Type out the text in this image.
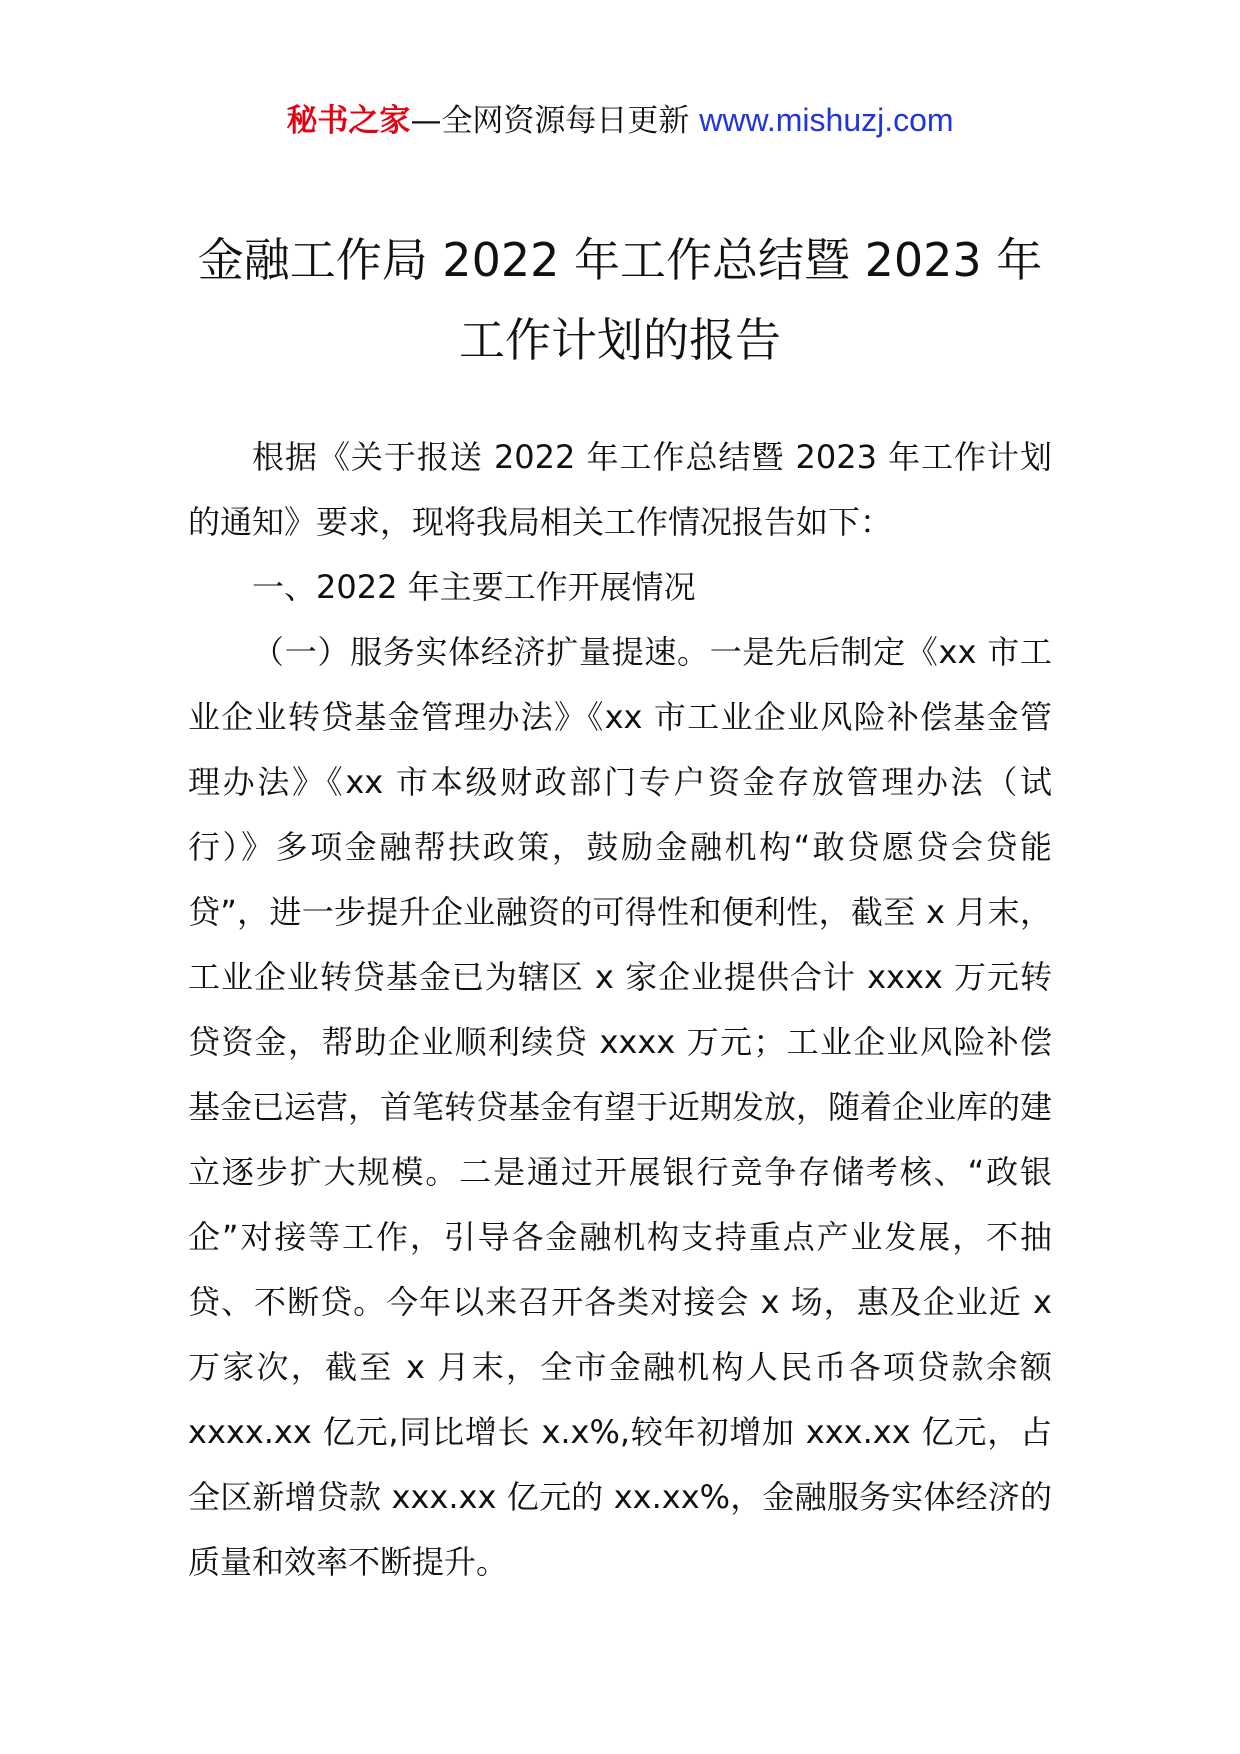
秘书之家—全网资源每日更新 www.mishuzj.com
金融工作局 2022 年工作总结暨 2023 年工作计划的报告

根据《关于报送 2022 年工作总结暨 2023 年工作计划的通知》要求，现将我局相关工作情况报告如下：

一、2022 年主要工作开展情况

（一）服务实体经济扩量提速。一是先后制定《xx 市工业企业转贷基金管理办法》《xx 市工业企业风险补偿基金管理办法》《xx 市本级财政部门专户资金存放管理办法（试行）》多项金融帮扶政策，鼓励金融机构“敢贷愿贷会贷能贷”，进一步提升企业融资的可得性和便利性，截至 x 月末，工业企业转贷基金已为辖区 x 家企业提供合计 xxxx 万元转贷资金，帮助企业顺利续贷 xxxx 万元；工业企业风险补偿基金已运营，首笔转贷基金有望于近期发放，随着企业库的建立逐步扩大规模。二是通过开展银行竞争存储考核、“政银企”对接等工作，引导各金融机构支持重点产业发展，不抽贷、不断贷。今年以来召开各类对接会 x 场，惠及企业近 x 万家次，截至 x 月末，全市金融机构人民币各项贷款余额 xxxx.xx 亿元,同比增长 x.x%,较年初增加 xxx.xx 亿元，占全区新增贷款 xxx.xx 亿元的 xx.xx%，金融服务实体经济的质量和效率不断提升。
